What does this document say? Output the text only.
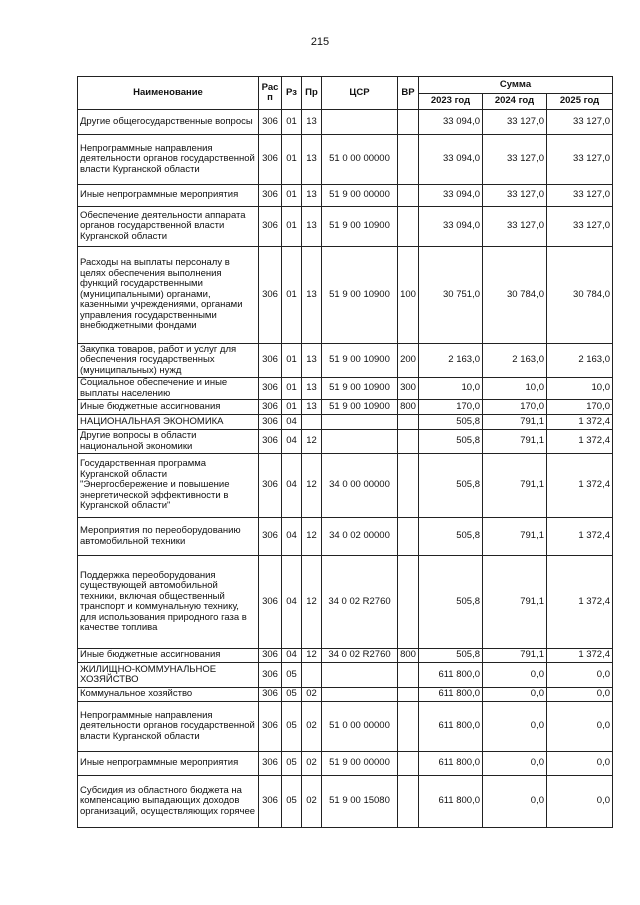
215
Наименование	Рас п	Рз	Пр	ЦСР	ВР	Сумма		
						2023 год	2024 год	2025 год
Другие общегосударственные вопросы	306	01	13			33 094,0	33 127,0	33 127,0
Непрограммные направления деятельности органов государственной власти Курганской области	306	01	13	51 0 00 00000		33 094,0	33 127,0	33 127,0
Иные непрограммные мероприятия	306	01	13	51 9 00 00000		33 094,0	33 127,0	33 127,0
Обеспечение деятельности аппарата органов государственной власти Курганской области	306	01	13	51 9 00 10900		33 094,0	33 127,0	33 127,0
Расходы на выплаты персоналу в целях обеспечения выполнения функций государственными (муниципальными) органами, казенными учреждениями, органами управления государственными внебюджетными фондами	306	01	13	51 9 00 10900	100	30 751,0	30 784,0	30 784,0
Закупка товаров, работ и услуг для обеспечения государственных (муниципальных) нужд	306	01	13	51 9 00 10900	200	2 163,0	2 163,0	2 163,0
Социальное обеспечение и иные выплаты населению	306	01	13	51 9 00 10900	300	10,0	10,0	10,0
Иные бюджетные ассигнования	306	01	13	51 9 00 10900	800	170,0	170,0	170,0
НАЦИОНАЛЬНАЯ ЭКОНОМИКА	306	04				505,8	791,1	1 372,4
Другие вопросы в области национальной экономики	306	04	12			505,8	791,1	1 372,4
Государственная программа Курганской области "Энергосбережение и повышение энергетической эффективности в Курганской области"	306	04	12	34 0 00 00000		505,8	791,1	1 372,4
Мероприятия по переоборудованию автомобильной техники	306	04	12	34 0 02 00000		505,8	791,1	1 372,4
Поддержка переоборудования существующей автомобильной техники, включая общественный транспорт и коммунальную технику, для использования природного газа в качестве топлива	306	04	12	34 0 02 R2760		505,8	791,1	1 372,4
Иные бюджетные ассигнования	306	04	12	34 0 02 R2760	800	505,8	791,1	1 372,4
ЖИЛИЩНО-КОММУНАЛЬНОЕ ХОЗЯЙСТВО	306	05				611 800,0	0,0	0,0
Коммунальное хозяйство	306	05	02			611 800,0	0,0	0,0
Непрограммные направления деятельности органов государственной власти Курганской области	306	05	02	51 0 00 00000		611 800,0	0,0	0,0
Иные непрограммные мероприятия	306	05	02	51 9 00 00000		611 800,0	0,0	0,0
Субсидия из областного бюджета на компенсацию выпадающих доходов организаций, осуществляющих горячее	306	05	02	51 9 00 15080		611 800,0	0,0	0,0
